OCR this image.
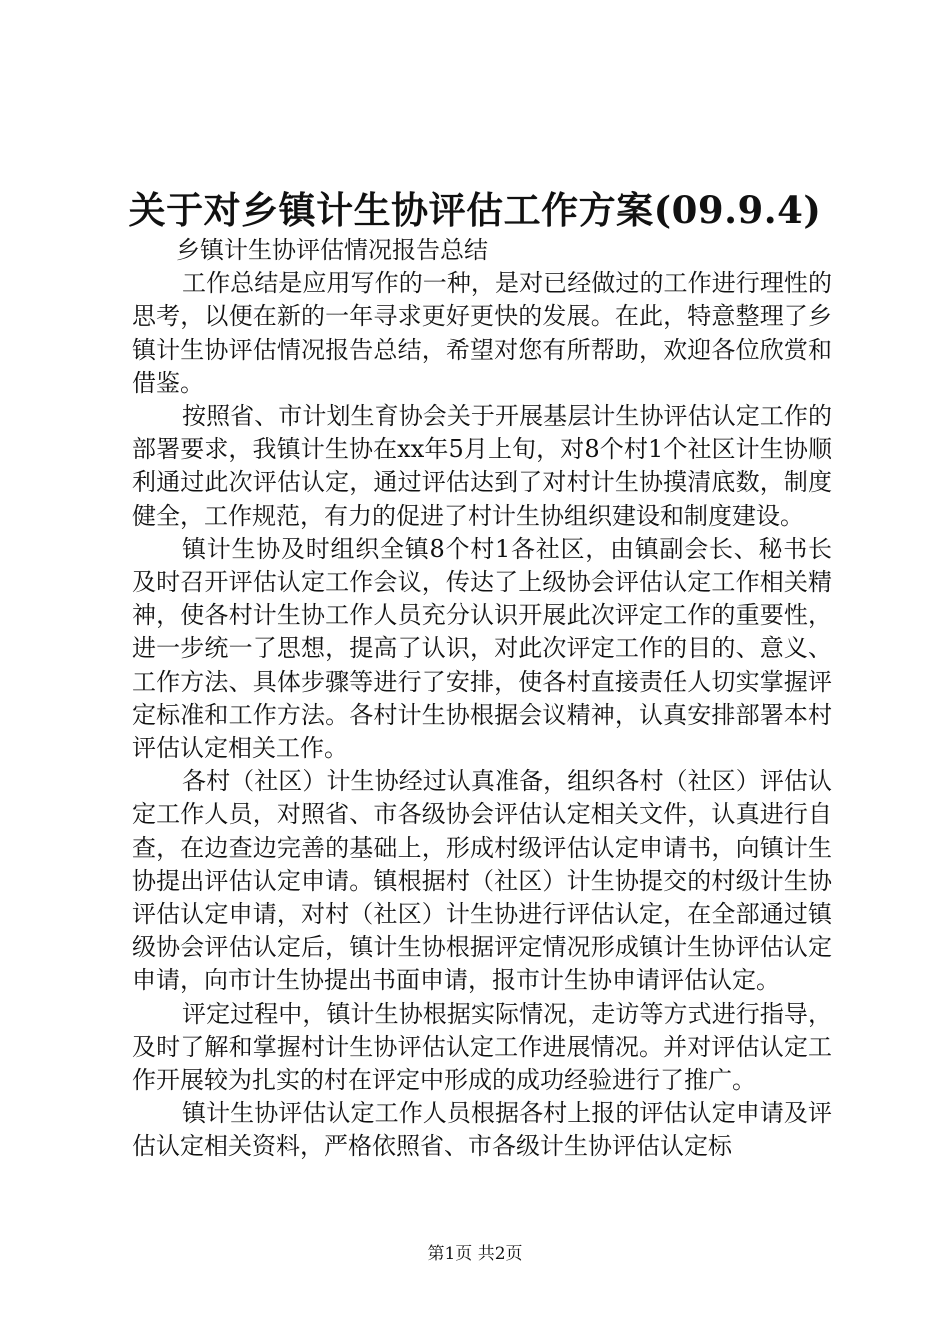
关于对乡镇计生协评估工作方案(09.9.4)

乡镇计生协评估情况报告总结

工作总结是应用写作的一种，是对已经做过的工作进行理性的思考，以便在新的一年寻求更好更快的发展。在此，特意整理了乡镇计生协评估情况报告总结，希望对您有所帮助，欢迎各位欣赏和借鉴。

按照省、市计划生育协会关于开展基层计生协评估认定工作的部署要求，我镇计生协在xx年5月上旬，对8个村1个社区计生协顺利通过此次评估认定，通过评估达到了对村计生协摸清底数，制度健全，工作规范，有力的促进了村计生协组织建设和制度建设。

镇计生协及时组织全镇8个村1各社区，由镇副会长、秘书长及时召开评估认定工作会议，传达了上级协会评估认定工作相关精神，使各村计生协工作人员充分认识开展此次评定工作的重要性，进一步统一了思想，提高了认识，对此次评定工作的目的、意义、工作方法、具体步骤等进行了安排，使各村直接责任人切实掌握评定标准和工作方法。各村计生协根据会议精神，认真安排部署本村评估认定相关工作。

各村（社区）计生协经过认真准备，组织各村（社区）评估认定工作人员，对照省、市各级协会评估认定相关文件，认真进行自查，在边查边完善的基础上，形成村级评估认定申请书，向镇计生协提出评估认定申请。镇根据村（社区）计生协提交的村级计生协评估认定申请，对村（社区）计生协进行评估认定，在全部通过镇级协会评估认定后，镇计生协根据评定情况形成镇计生协评估认定申请，向市计生协提出书面申请，报市计生协申请评估认定。

评定过程中，镇计生协根据实际情况，走访等方式进行指导，及时了解和掌握村计生协评估认定工作进展情况。并对评估认定工作开展较为扎实的村在评定中形成的成功经验进行了推广。

镇计生协评估认定工作人员根据各村上报的评估认定申请及评估认定相关资料，严格依照省、市各级计生协评估认定标

第1页 共2页
